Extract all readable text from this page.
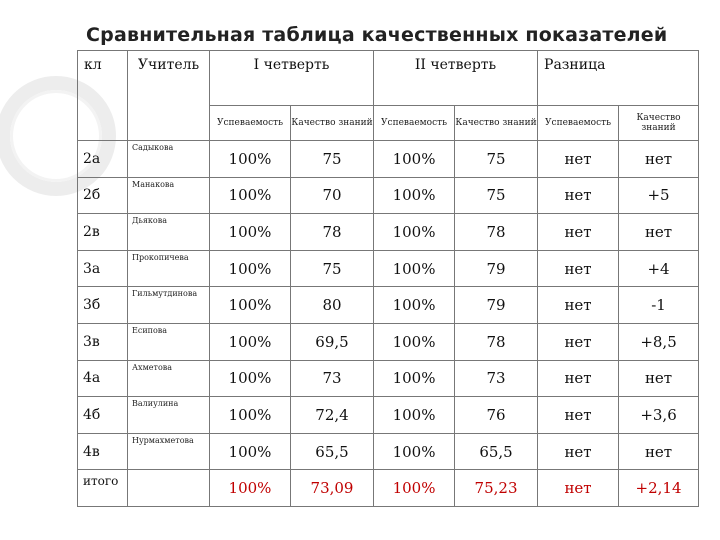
Сравнительная таблица качественных показателей
кл	Учитель	I четверть		II четверть		Разница	
		Успеваемость	Качество знаний	Успеваемость	Качество знаний	Успеваемость	Качество знаний
2а	Садыкова	100%	75	100%	75	нет	нет
2б	Манакова	100%	70	100%	75	нет	+5
2в	Дьякова	100%	78	100%	78	нет	нет
3а	Прокопичева	100%	75	100%	79	нет	+4
3б	Гильмутдинова	100%	80	100%	79	нет	-1
3в	Есипова	100%	69,5	100%	78	нет	+8,5
4а	Ахметова	100%	73	100%	73	нет	нет
4б	Валиулина	100%	72,4	100%	76	нет	+3,6
4в	Нурмахметова	100%	65,5	100%	65,5	нет	нет
итого		100%	73,09	100%	75,23	нет	+2,14
